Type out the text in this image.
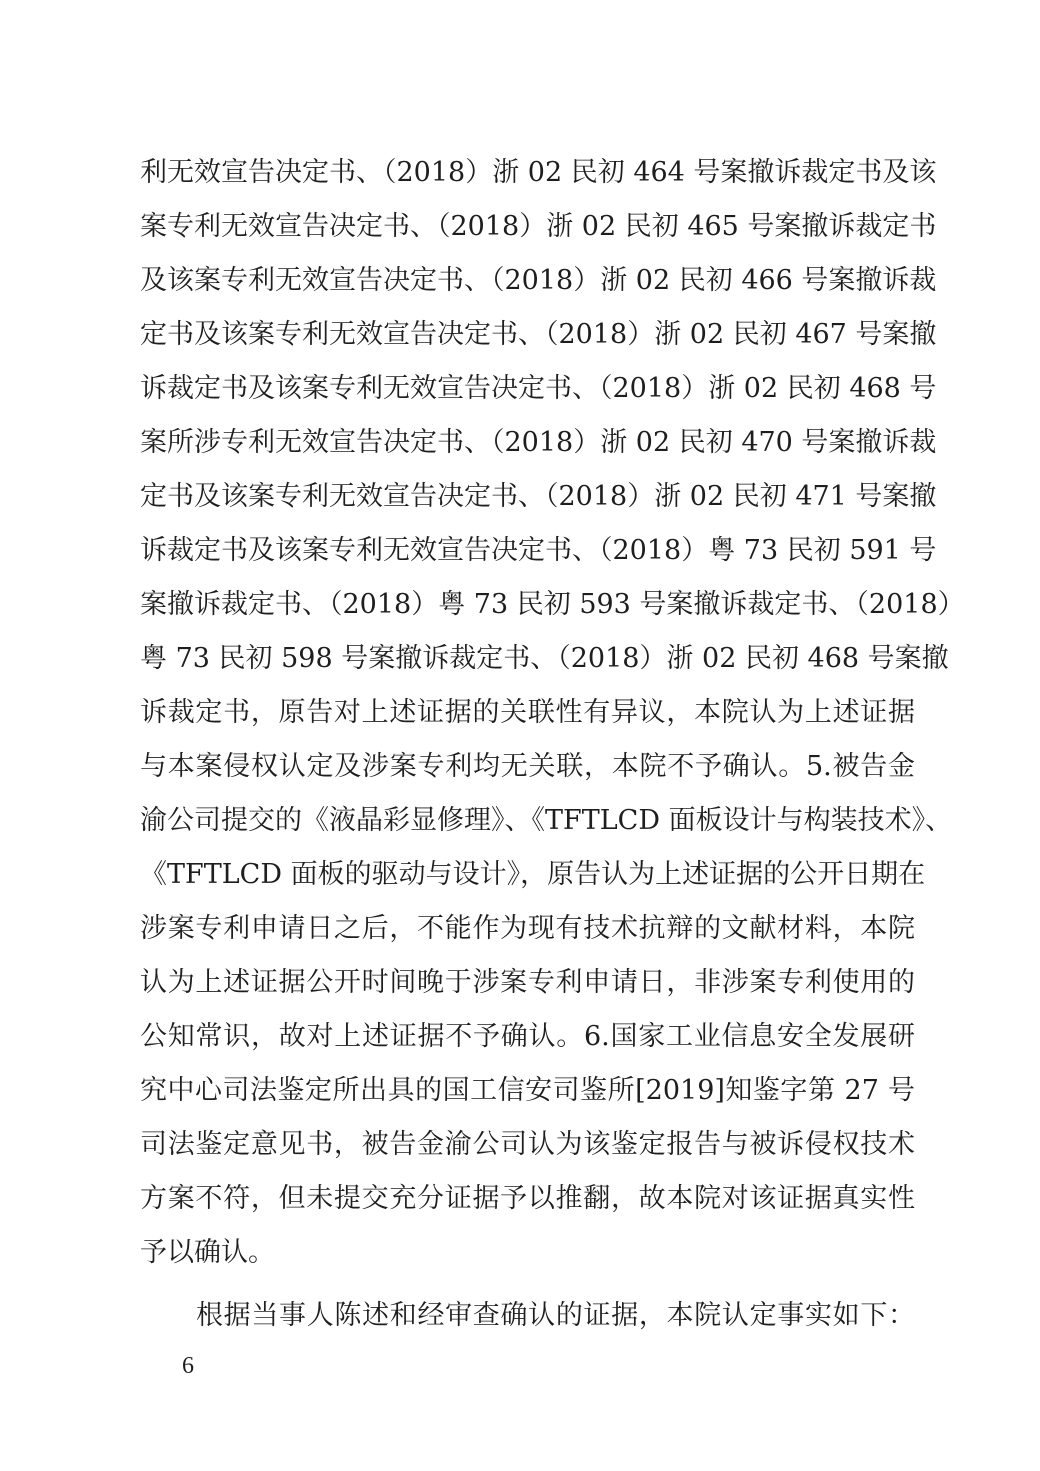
利无效宣告决定书、（2018）浙 02 民初 464 号案撤诉裁定书及该
案专利无效宣告决定书、（2018）浙 02 民初 465 号案撤诉裁定书
及该案专利无效宣告决定书、（2018）浙 02 民初 466 号案撤诉裁
定书及该案专利无效宣告决定书、（2018）浙 02 民初 467 号案撤
诉裁定书及该案专利无效宣告决定书、（2018）浙 02 民初 468 号
案所涉专利无效宣告决定书、（2018）浙 02 民初 470 号案撤诉裁
定书及该案专利无效宣告决定书、（2018）浙 02 民初 471 号案撤
诉裁定书及该案专利无效宣告决定书、（2018）粤 73 民初 591 号
案撤诉裁定书、（2018）粤 73 民初 593 号案撤诉裁定书、（2018）
粤 73 民初 598 号案撤诉裁定书、（2018）浙 02 民初 468 号案撤
诉裁定书，原告对上述证据的关联性有异议，本院认为上述证据
与本案侵权认定及涉案专利均无关联，本院不予确认。5.被告金
渝公司提交的《液晶彩显修理》、《TFTLCD 面板设计与构装技术》、
《TFTLCD 面板的驱动与设计》，原告认为上述证据的公开日期在
涉案专利申请日之后，不能作为现有技术抗辩的文献材料，本院
认为上述证据公开时间晚于涉案专利申请日，非涉案专利使用的
公知常识，故对上述证据不予确认。6.国家工业信息安全发展研
究中心司法鉴定所出具的国工信安司鉴所[2019]知鉴字第 27 号
司法鉴定意见书，被告金渝公司认为该鉴定报告与被诉侵权技术
方案不符，但未提交充分证据予以推翻，故本院对该证据真实性
予以确认。
根据当事人陈述和经审查确认的证据，本院认定事实如下：
6
